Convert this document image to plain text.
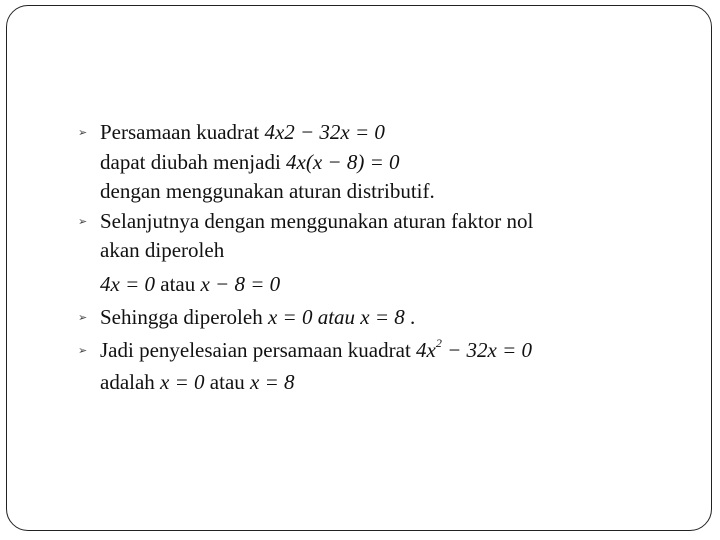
➢ Persamaan kuadrat 4x2 − 32x = 0
dapat diubah menjadi 4x(x − 8) = 0
dengan menggunakan aturan distributif.
➢ Selanjutnya dengan menggunakan aturan faktor nol
akan diperoleh
4x = 0 atau x − 8 = 0
➢ Sehingga diperoleh x = 0 atau x = 8 .
➢ Jadi penyelesaian persamaan kuadrat $4x^2 - 32x = 0$
adalah x = 0 atau x = 8
